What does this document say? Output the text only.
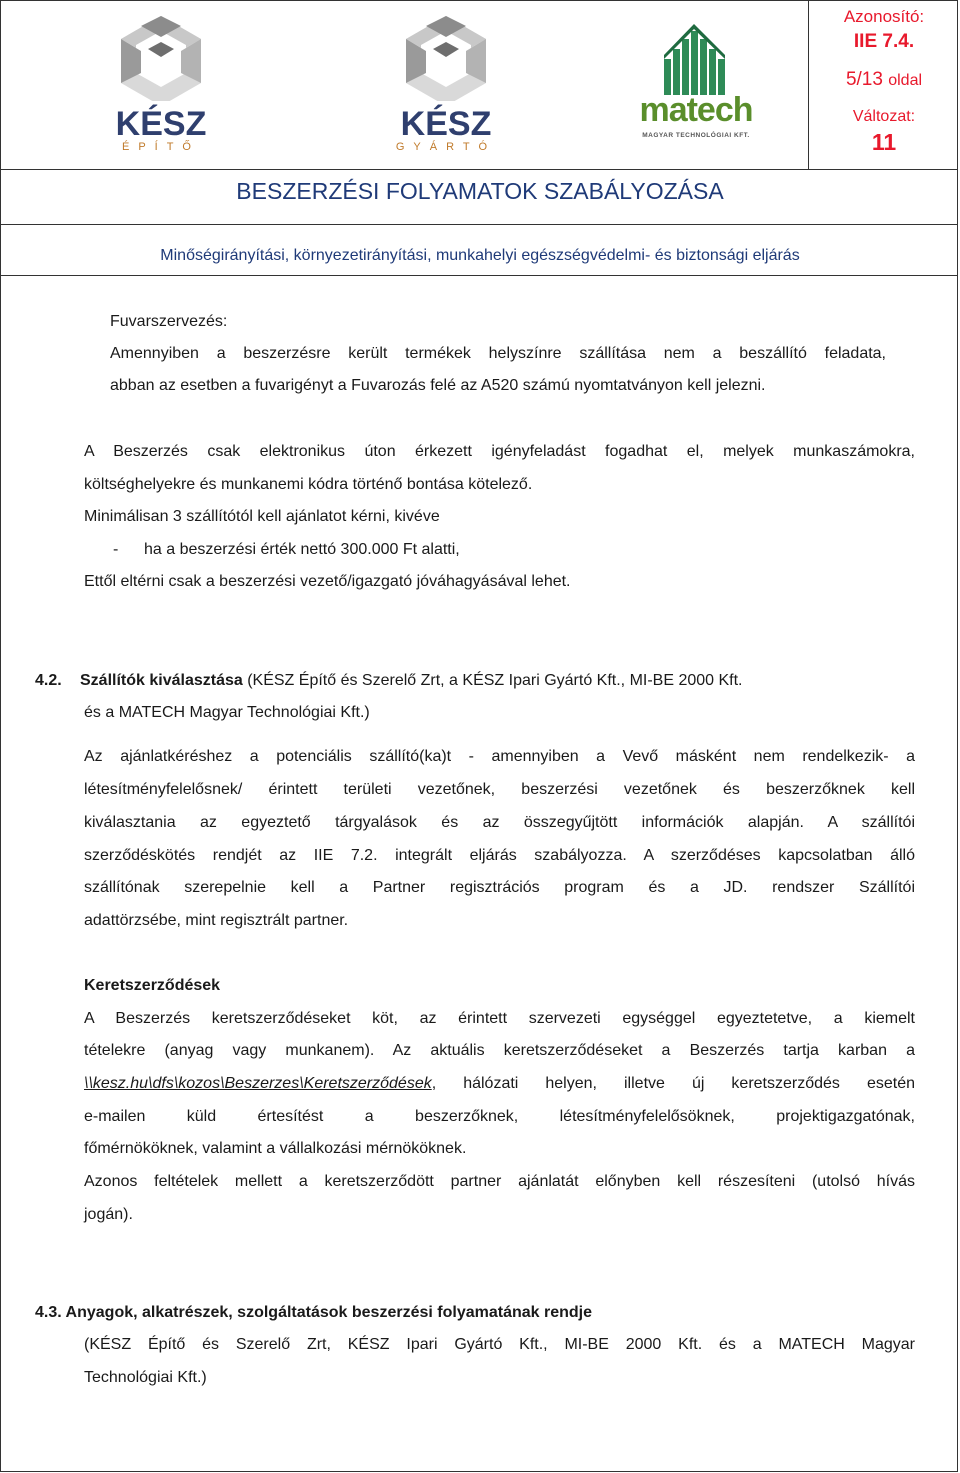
KÉSZ
ÉPÍTŐ
KÉSZ
GYÁRTÓ
matech
MAGYAR TECHNOLÓGIAI KFT.
Azonosító:
IIE 7.4.
5/13 oldal
Változat:
11
BESZERZÉSI FOLYAMATOK SZABÁLYOZÁSA
Minőségirányítási, környezetirányítási, munkahelyi egészségvédelmi- és biztonsági eljárás
Fuvarszervezés:
Amennyiben a beszerzésre került termékek helyszínre szállítása nem a beszállító feladata,
abban az esetben a fuvarigényt a Fuvarozás felé az A520 számú nyomtatványon kell jelezni.
A Beszerzés csak elektronikus úton érkezett igényfeladást fogadhat el, melyek munkaszámokra,
költséghelyekre és munkanemi kódra történő bontása kötelező.
Minimálisan 3 szállítótól kell ajánlatot kérni, kivéve
- ha a beszerzési érték nettó 300.000 Ft alatti,
Ettől eltérni csak a beszerzési vezető/igazgató jóváhagyásával lehet.
4.2. Szállítók kiválasztása (KÉSZ Építő és Szerelő Zrt, a KÉSZ Ipari Gyártó Kft., MI-BE 2000 Kft.
és a MATECH Magyar Technológiai Kft.)
Az ajánlatkéréshez a potenciális szállító(ka)t - amennyiben a Vevő másként nem rendelkezik- a
létesítményfelelősnek/ érintett területi vezetőnek, beszerzési vezetőnek és beszerzőknek kell
kiválasztania az egyeztető tárgyalások és az összegyűjtött információk alapján. A szállítói
szerződéskötés rendjét az IIE 7.2. integrált eljárás szabályozza. A szerződéses kapcsolatban álló
szállítónak szerepelnie kell a Partner regisztrációs program és a JD. rendszer Szállítói
adattörzsébe, mint regisztrált partner.
Keretszerződések
A Beszerzés keretszerződéseket köt, az érintett szervezeti egységgel egyeztetetve, a kiemelt
tételekre (anyag vagy munkanem). Az aktuális keretszerződéseket a Beszerzés tartja karban a
\\kesz.hu\dfs\kozos\Beszerzes\Keretszerződések, hálózati helyen, illetve új keretszerződés esetén
e-mailen küld értesítést a beszerzőknek, létesítményfelelősöknek, projektigazgatónak,
főmérnököknek, valamint a vállalkozási mérnököknek.
Azonos feltételek mellett a keretszerződött partner ajánlatát előnyben kell részesíteni (utolsó hívás
jogán).
4.3. Anyagok, alkatrészek, szolgáltatások beszerzési folyamatának rendje
(KÉSZ Építő és Szerelő Zrt, KÉSZ Ipari Gyártó Kft., MI-BE 2000 Kft. és a MATECH Magyar
Technológiai Kft.)
